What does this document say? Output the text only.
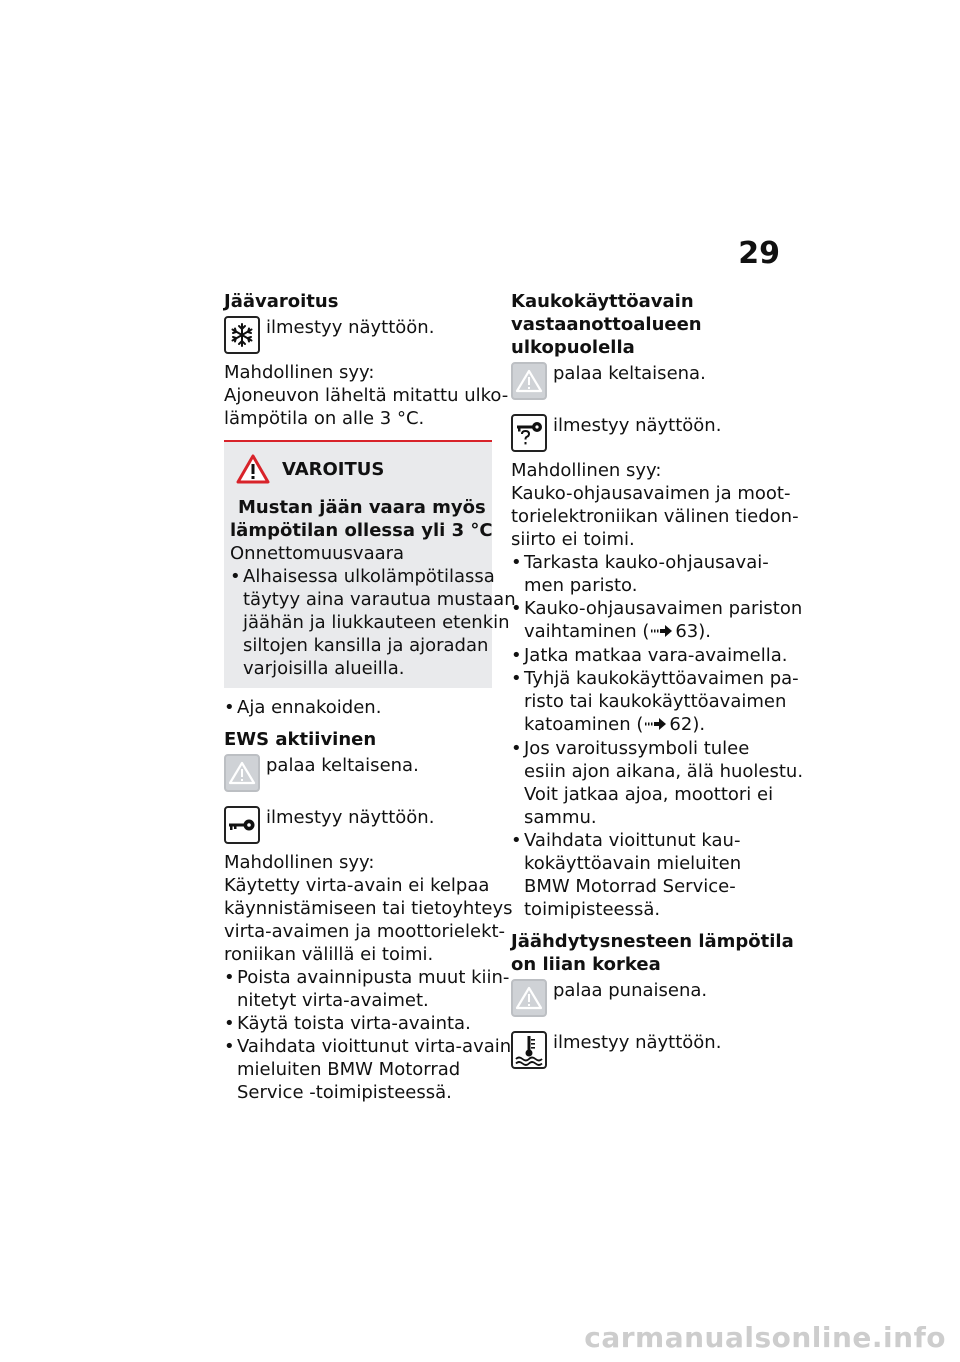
29
Jäävaroitus
ilmestyy näyttöön.
Mahdollinen syy:
Ajoneuvon läheltä mitattu ulko-
lämpötila on alle 3 °C.
VAROITUS
Mustan jään vaara myös
lämpötilan ollessa yli 3 °C
Onnettomuusvaara
• Alhaisessa ulkolämpötilassa
täytyy aina varautua mustaan
jäähän ja liukkauteen etenkin
siltojen kansilla ja ajoradan
varjoisilla alueilla.
• Aja ennakoiden.
EWS aktiivinen
palaa keltaisena.
ilmestyy näyttöön.
Mahdollinen syy:
Käytetty virta-avain ei kelpaa
käynnistämiseen tai tietoyhteys
virta-avaimen ja moottorielekt-
roniikan välillä ei toimi.
• Poista avainnipusta muut kiin-
nitetyt virta-avaimet.
• Käytä toista virta-avainta.
• Vaihdata vioittunut virta-avain
mieluiten BMW Motorrad
Service -toimipisteessä.
Kaukokäyttöavain
vastaanottoalueen
ulkopuolella
palaa keltaisena.
ilmestyy näyttöön.
Mahdollinen syy:
Kauko-ohjausavaimen ja moot-
torielektroniikan välinen tiedon-
siirto ei toimi.
• Tarkasta kauko-ohjausavai-
men paristo.
• Kauko-ohjausavaimen pariston
vaihtaminen ( 63).
• Jatka matkaa vara-avaimella.
• Tyhjä kaukokäyttöavaimen pa-
risto tai kaukokäyttöavaimen
katoaminen ( 62).
• Jos varoitussymboli tulee
esiin ajon aikana, älä huolestu.
Voit jatkaa ajoa, moottori ei
sammu.
• Vaihdata vioittunut kau-
kokäyttöavain mieluiten
BMW Motorrad Service-
toimipisteessä.
Jäähdytysnesteen lämpötila
on liian korkea
palaa punaisena.
ilmestyy näyttöön.
carmanualsonline.info
